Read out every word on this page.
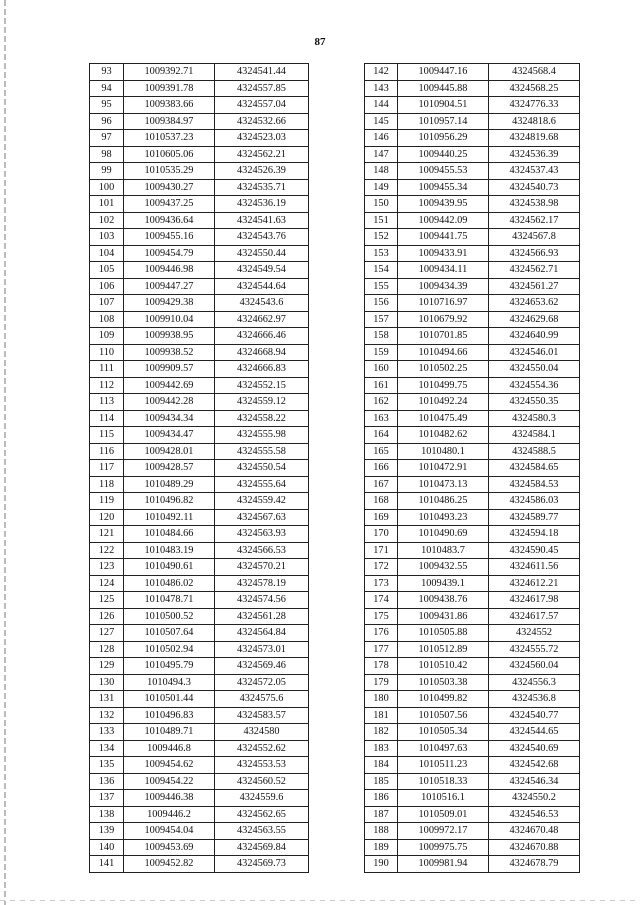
87
93	1009392.71	4324541.44
94	1009391.78	4324557.85
95	1009383.66	4324557.04
96	1009384.97	4324532.66
97	1010537.23	4324523.03
98	1010605.06	4324562.21
99	1010535.29	4324526.39
100	1009430.27	4324535.71
101	1009437.25	4324536.19
102	1009436.64	4324541.63
103	1009455.16	4324543.76
104	1009454.79	4324550.44
105	1009446.98	4324549.54
106	1009447.27	4324544.64
107	1009429.38	4324543.6
108	1009910.04	4324662.97
109	1009938.95	4324666.46
110	1009938.52	4324668.94
111	1009909.57	4324666.83
112	1009442.69	4324552.15
113	1009442.28	4324559.12
114	1009434.34	4324558.22
115	1009434.47	4324555.98
116	1009428.01	4324555.58
117	1009428.57	4324550.54
118	1010489.29	4324555.64
119	1010496.82	4324559.42
120	1010492.11	4324567.63
121	1010484.66	4324563.93
122	1010483.19	4324566.53
123	1010490.61	4324570.21
124	1010486.02	4324578.19
125	1010478.71	4324574.56
126	1010500.52	4324561.28
127	1010507.64	4324564.84
128	1010502.94	4324573.01
129	1010495.79	4324569.46
130	1010494.3	4324572.05
131	1010501.44	4324575.6
132	1010496.83	4324583.57
133	1010489.71	4324580
134	1009446.8	4324552.62
135	1009454.62	4324553.53
136	1009454.22	4324560.52
137	1009446.38	4324559.6
138	1009446.2	4324562.65
139	1009454.04	4324563.55
140	1009453.69	4324569.84
141	1009452.82	4324569.73
142	1009447.16	4324568.4
143	1009445.88	4324568.25
144	1010904.51	4324776.33
145	1010957.14	4324818.6
146	1010956.29	4324819.68
147	1009440.25	4324536.39
148	1009455.53	4324537.43
149	1009455.34	4324540.73
150	1009439.95	4324538.98
151	1009442.09	4324562.17
152	1009441.75	4324567.8
153	1009433.91	4324566.93
154	1009434.11	4324562.71
155	1009434.39	4324561.27
156	1010716.97	4324653.62
157	1010679.92	4324629.68
158	1010701.85	4324640.99
159	1010494.66	4324546.01
160	1010502.25	4324550.04
161	1010499.75	4324554.36
162	1010492.24	4324550.35
163	1010475.49	4324580.3
164	1010482.62	4324584.1
165	1010480.1	4324588.5
166	1010472.91	4324584.65
167	1010473.13	4324584.53
168	1010486.25	4324586.03
169	1010493.23	4324589.77
170	1010490.69	4324594.18
171	1010483.7	4324590.45
172	1009432.55	4324611.56
173	1009439.1	4324612.21
174	1009438.76	4324617.98
175	1009431.86	4324617.57
176	1010505.88	4324552
177	1010512.89	4324555.72
178	1010510.42	4324560.04
179	1010503.38	4324556.3
180	1010499.82	4324536.8
181	1010507.56	4324540.77
182	1010505.34	4324544.65
183	1010497.63	4324540.69
184	1010511.23	4324542.68
185	1010518.33	4324546.34
186	1010516.1	4324550.2
187	1010509.01	4324546.53
188	1009972.17	4324670.48
189	1009975.75	4324670.88
190	1009981.94	4324678.79
